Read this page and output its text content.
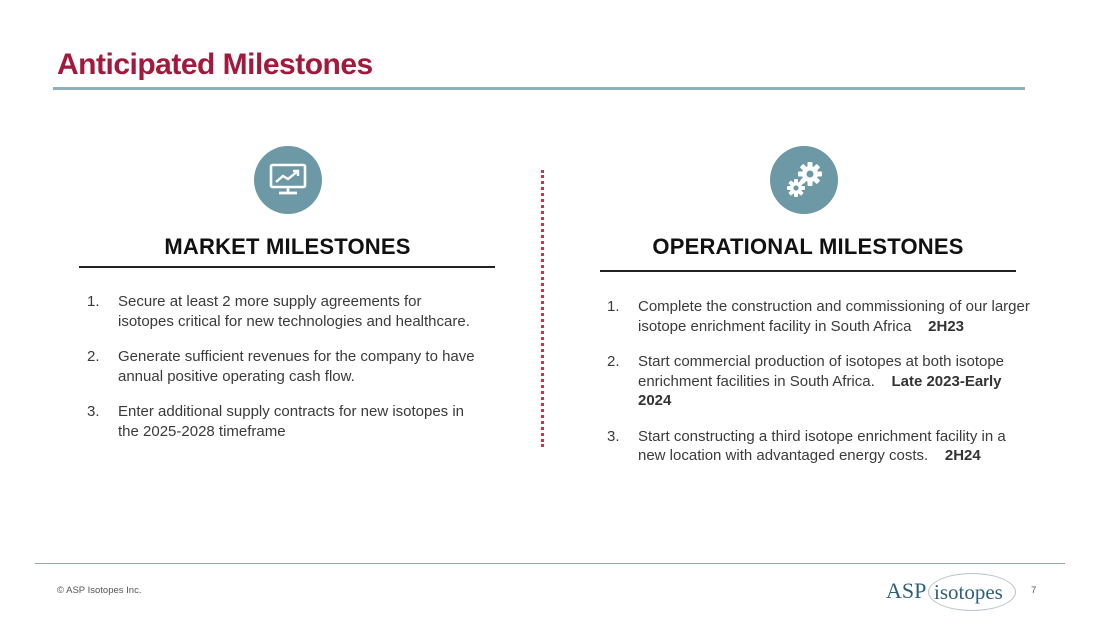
Anticipated Milestones
MARKET MILESTONES
1. Secure at least 2 more supply agreements for isotopes critical for new technologies and healthcare.
2. Generate sufficient revenues for the company to have annual positive operating cash flow.
3. Enter additional supply contracts for new isotopes in the 2025-2028 timeframe
OPERATIONAL MILESTONES
1. Complete the construction and commissioning of our larger isotope enrichment facility in South Africa 2H23
2. Start commercial production of isotopes at both isotope enrichment facilities in South Africa. Late 2023-Early 2024
3. Start constructing a third isotope enrichment facility in a new location with advantaged energy costs. 2H24
© ASP Isotopes Inc.	ASP isotopes	7
